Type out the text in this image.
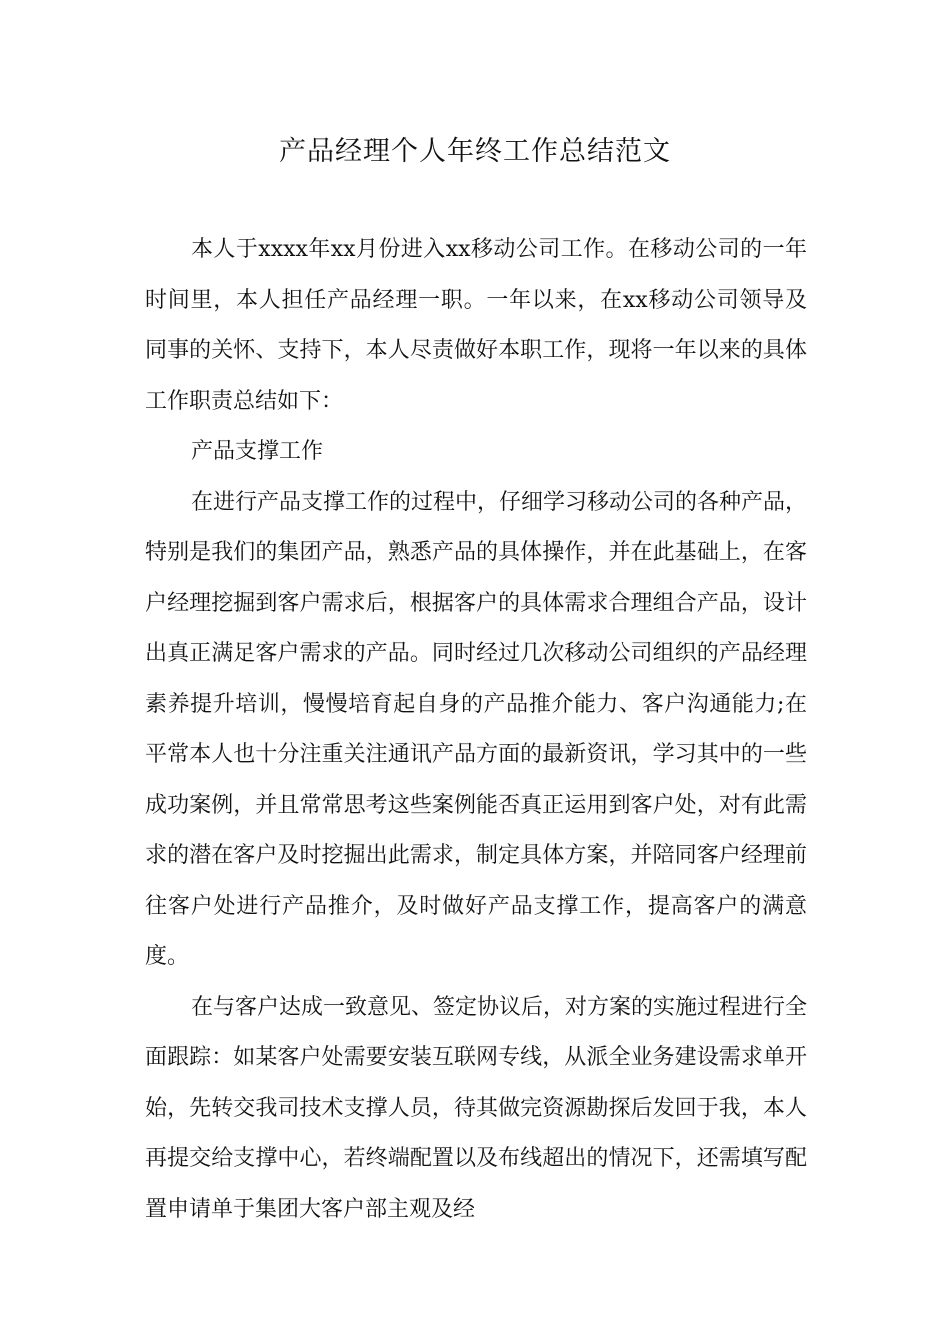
产品经理个人年终工作总结范文

本人于xxxx年xx月份进入xx移动公司工作。在移动公司的一年时间里，本人担任产品经理一职。一年以来，在xx移动公司领导及同事的关怀、支持下，本人尽责做好本职工作，现将一年以来的具体工作职责总结如下：

产品支撑工作

在进行产品支撑工作的过程中，仔细学习移动公司的各种产品，特别是我们的集团产品，熟悉产品的具体操作，并在此基础上，在客户经理挖掘到客户需求后，根据客户的具体需求合理组合产品，设计出真正满足客户需求的产品。同时经过几次移动公司组织的产品经理素养提升培训，慢慢培育起自身的产品推介能力、客户沟通能力;在平常本人也十分注重关注通讯产品方面的最新资讯，学习其中的一些成功案例，并且常常思考这些案例能否真正运用到客户处，对有此需求的潜在客户及时挖掘出此需求，制定具体方案，并陪同客户经理前往客户处进行产品推介，及时做好产品支撑工作，提高客户的满意度。

在与客户达成一致意见、签定协议后，对方案的实施过程进行全面跟踪：如某客户处需要安装互联网专线，从派全业务建设需求单开始，先转交我司技术支撑人员，待其做完资源勘探后发回于我，本人再提交给支撑中心，若终端配置以及布线超出的情况下，还需填写配置申请单于集团大客户部主观及经
